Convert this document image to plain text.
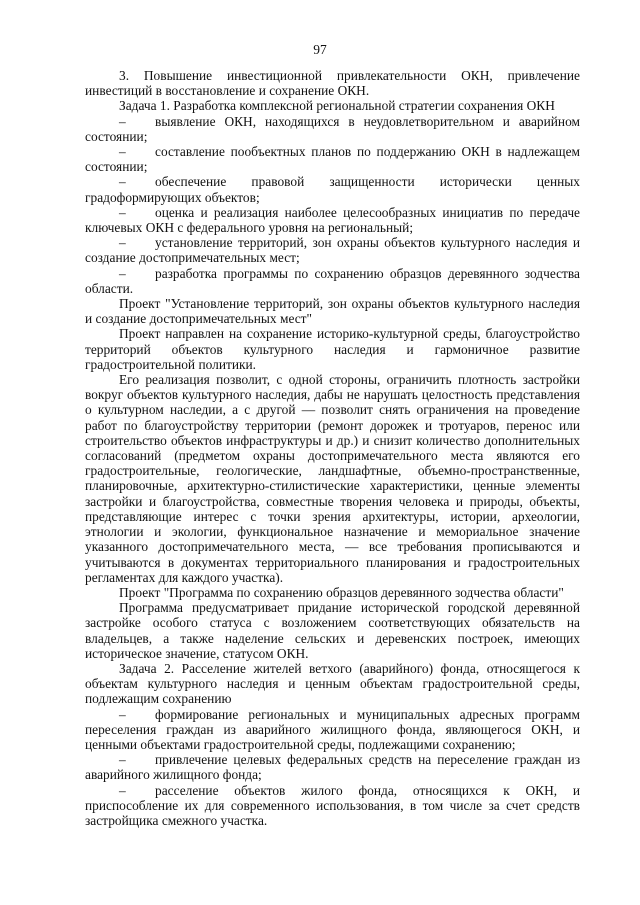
97

3. Повышение инвестиционной привлекательности ОКН, привлечение инвестиций в восстановление и сохранение ОКН.

Задача 1. Разработка комплексной региональной стратегии сохранения ОКН

– выявление ОКН, находящихся в неудовлетворительном и аварийном состоянии;

– составление пообъектных планов по поддержанию ОКН в надлежащем состоянии;

– обеспечение правовой защищенности исторически ценных градоформирующих объектов;

– оценка и реализация наиболее целесообразных инициатив по передаче ключевых ОКН с федерального уровня на региональный;

– установление территорий, зон охраны объектов культурного наследия и создание достопримечательных мест;

– разработка программы по сохранению образцов деревянного зодчества области.

Проект "Установление территорий, зон охраны объектов культурного наследия и создание достопримечательных мест"

Проект направлен на сохранение историко-культурной среды, благоустройство территорий объектов культурного наследия и гармоничное развитие градостроительной политики.

Его реализация позволит, с одной стороны, ограничить плотность застройки вокруг объектов культурного наследия, дабы не нарушать целостность представления о культурном наследии, а с другой — позволит снять ограничения на проведение работ по благоустройству территории (ремонт дорожек и тротуаров, перенос или строительство объектов инфраструктуры и др.) и снизит количество дополнительных согласований (предметом охраны достопримечательного места являются его градостроительные, геологические, ландшафтные, объемно-пространственные, планировочные, архитектурно-стилистические характеристики, ценные элементы застройки и благоустройства, совместные творения человека и природы, объекты, представляющие интерес с точки зрения архитектуры, истории, археологии, этнологии и экологии, функциональное назначение и мемориальное значение указанного достопримечательного места, — все требования прописываются и учитываются в документах территориального планирования и градостроительных регламентах для каждого участка).

Проект "Программа по сохранению образцов деревянного зодчества области"

Программа предусматривает придание исторической городской деревянной застройке особого статуса с возложением соответствующих обязательств на владельцев, а также наделение сельских и деревенских построек, имеющих историческое значение, статусом ОКН.

Задача 2. Расселение жителей ветхого (аварийного) фонда, относящегося к объектам культурного наследия и ценным объектам градостроительной среды, подлежащим сохранению

– формирование региональных и муниципальных адресных программ переселения граждан из аварийного жилищного фонда, являющегося ОКН, и ценными объектами градостроительной среды, подлежащими сохранению;

– привлечение целевых федеральных средств на переселение граждан из аварийного жилищного фонда;

– расселение объектов жилого фонда, относящихся к ОКН, и приспособление их для современного использования, в том числе за счет средств застройщика смежного участка.
